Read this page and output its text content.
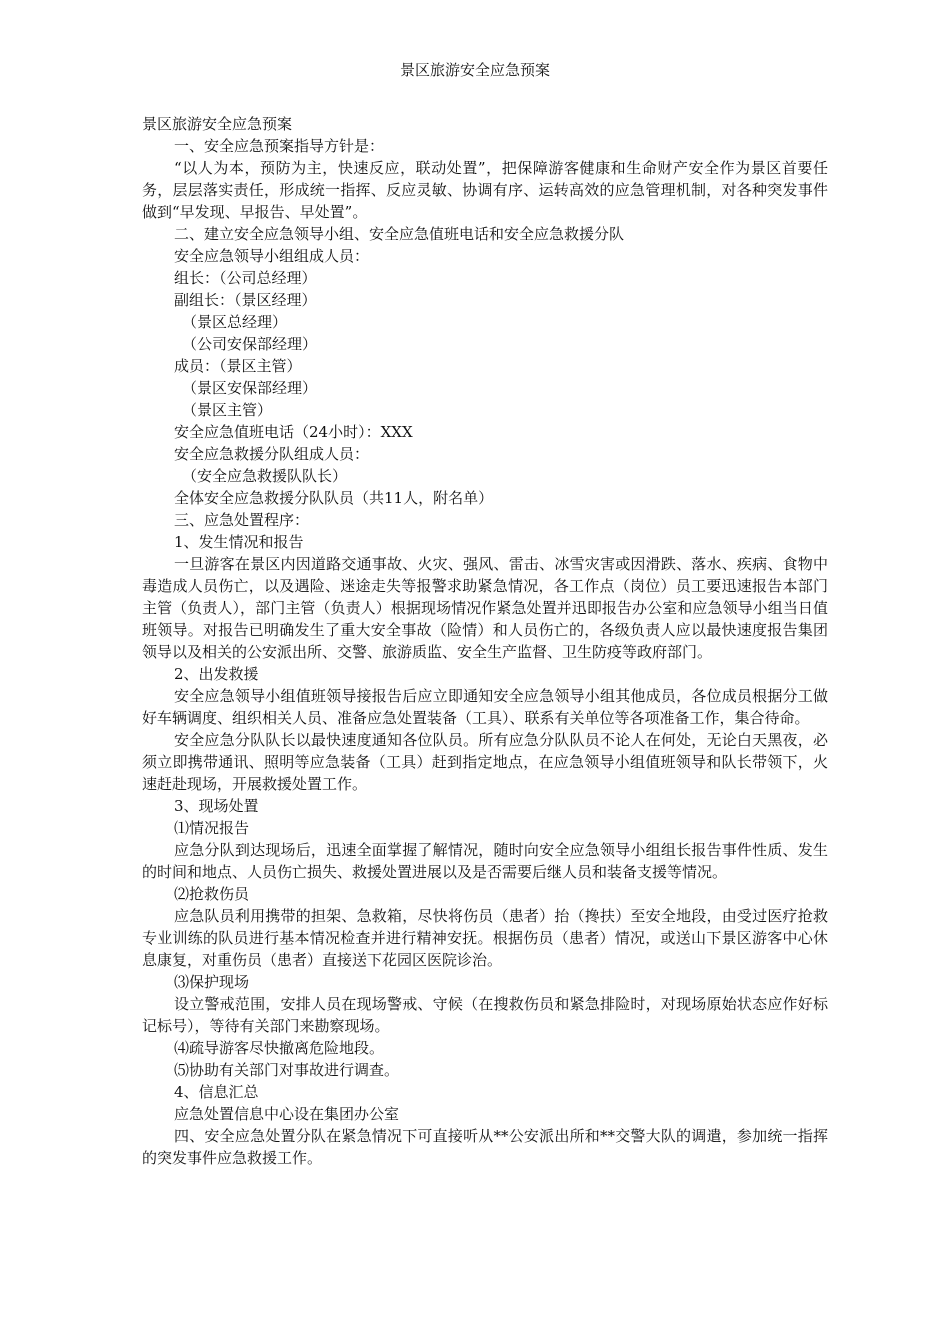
景区旅游安全应急预案

景区旅游安全应急预案

一、安全应急预案指导方针是：

“以人为本，预防为主，快速反应，联动处置”，把保障游客健康和生命财产安全作为景区首要任务，层层落实责任，形成统一指挥、反应灵敏、协调有序、运转高效的应急管理机制，对各种突发事件做到“早发现、早报告、早处置”。

二、建立安全应急领导小组、安全应急值班电话和安全应急救援分队

安全应急领导小组组成人员：

组长：（公司总经理）

副组长：（景区经理）

（景区总经理）

（公司安保部经理）

成员：（景区主管）

（景区安保部经理）

（景区主管）

安全应急值班电话（24小时）：XXX

安全应急救援分队组成人员：

（安全应急救援队队长）

全体安全应急救援分队队员（共11人，附名单）

三、应急处置程序：

1、发生情况和报告

一旦游客在景区内因道路交通事故、火灾、强风、雷击、冰雪灾害或因滑跌、落水、疾病、食物中毒造成人员伤亡，以及遇险、迷途走失等报警求助紧急情况，各工作点（岗位）员工要迅速报告本部门主管（负责人），部门主管（负责人）根据现场情况作紧急处置并迅即报告办公室和应急领导小组当日值班领导。对报告已明确发生了重大安全事故（险情）和人员伤亡的，各级负责人应以最快速度报告集团领导以及相关的公安派出所、交警、旅游质监、安全生产监督、卫生防疫等政府部门。

2、出发救援

安全应急领导小组值班领导接报告后应立即通知安全应急领导小组其他成员，各位成员根据分工做好车辆调度、组织相关人员、准备应急处置装备（工具）、联系有关单位等各项准备工作，集合待命。

安全应急分队队长以最快速度通知各位队员。所有应急分队队员不论人在何处，无论白天黑夜，必须立即携带通讯、照明等应急装备（工具）赶到指定地点，在应急领导小组值班领导和队长带领下，火速赶赴现场，开展救援处置工作。

3、现场处置

⑴情况报告

应急分队到达现场后，迅速全面掌握了解情况，随时向安全应急领导小组组长报告事件性质、发生的时间和地点、人员伤亡损失、救援处置进展以及是否需要后继人员和装备支援等情况。

⑵抢救伤员

应急队员利用携带的担架、急救箱，尽快将伤员（患者）抬（搀扶）至安全地段，由受过医疗抢救专业训练的队员进行基本情况检查并进行精神安抚。根据伤员（患者）情况，或送山下景区游客中心休息康复，对重伤员（患者）直接送下花园区医院诊治。

⑶保护现场

设立警戒范围，安排人员在现场警戒、守候（在搜救伤员和紧急排险时，对现场原始状态应作好标记标号），等待有关部门来勘察现场。

⑷疏导游客尽快撤离危险地段。

⑸协助有关部门对事故进行调查。

4、信息汇总

应急处置信息中心设在集团办公室

四、安全应急处置分队在紧急情况下可直接听从**公安派出所和**交警大队的调遣，参加统一指挥的突发事件应急救援工作。
